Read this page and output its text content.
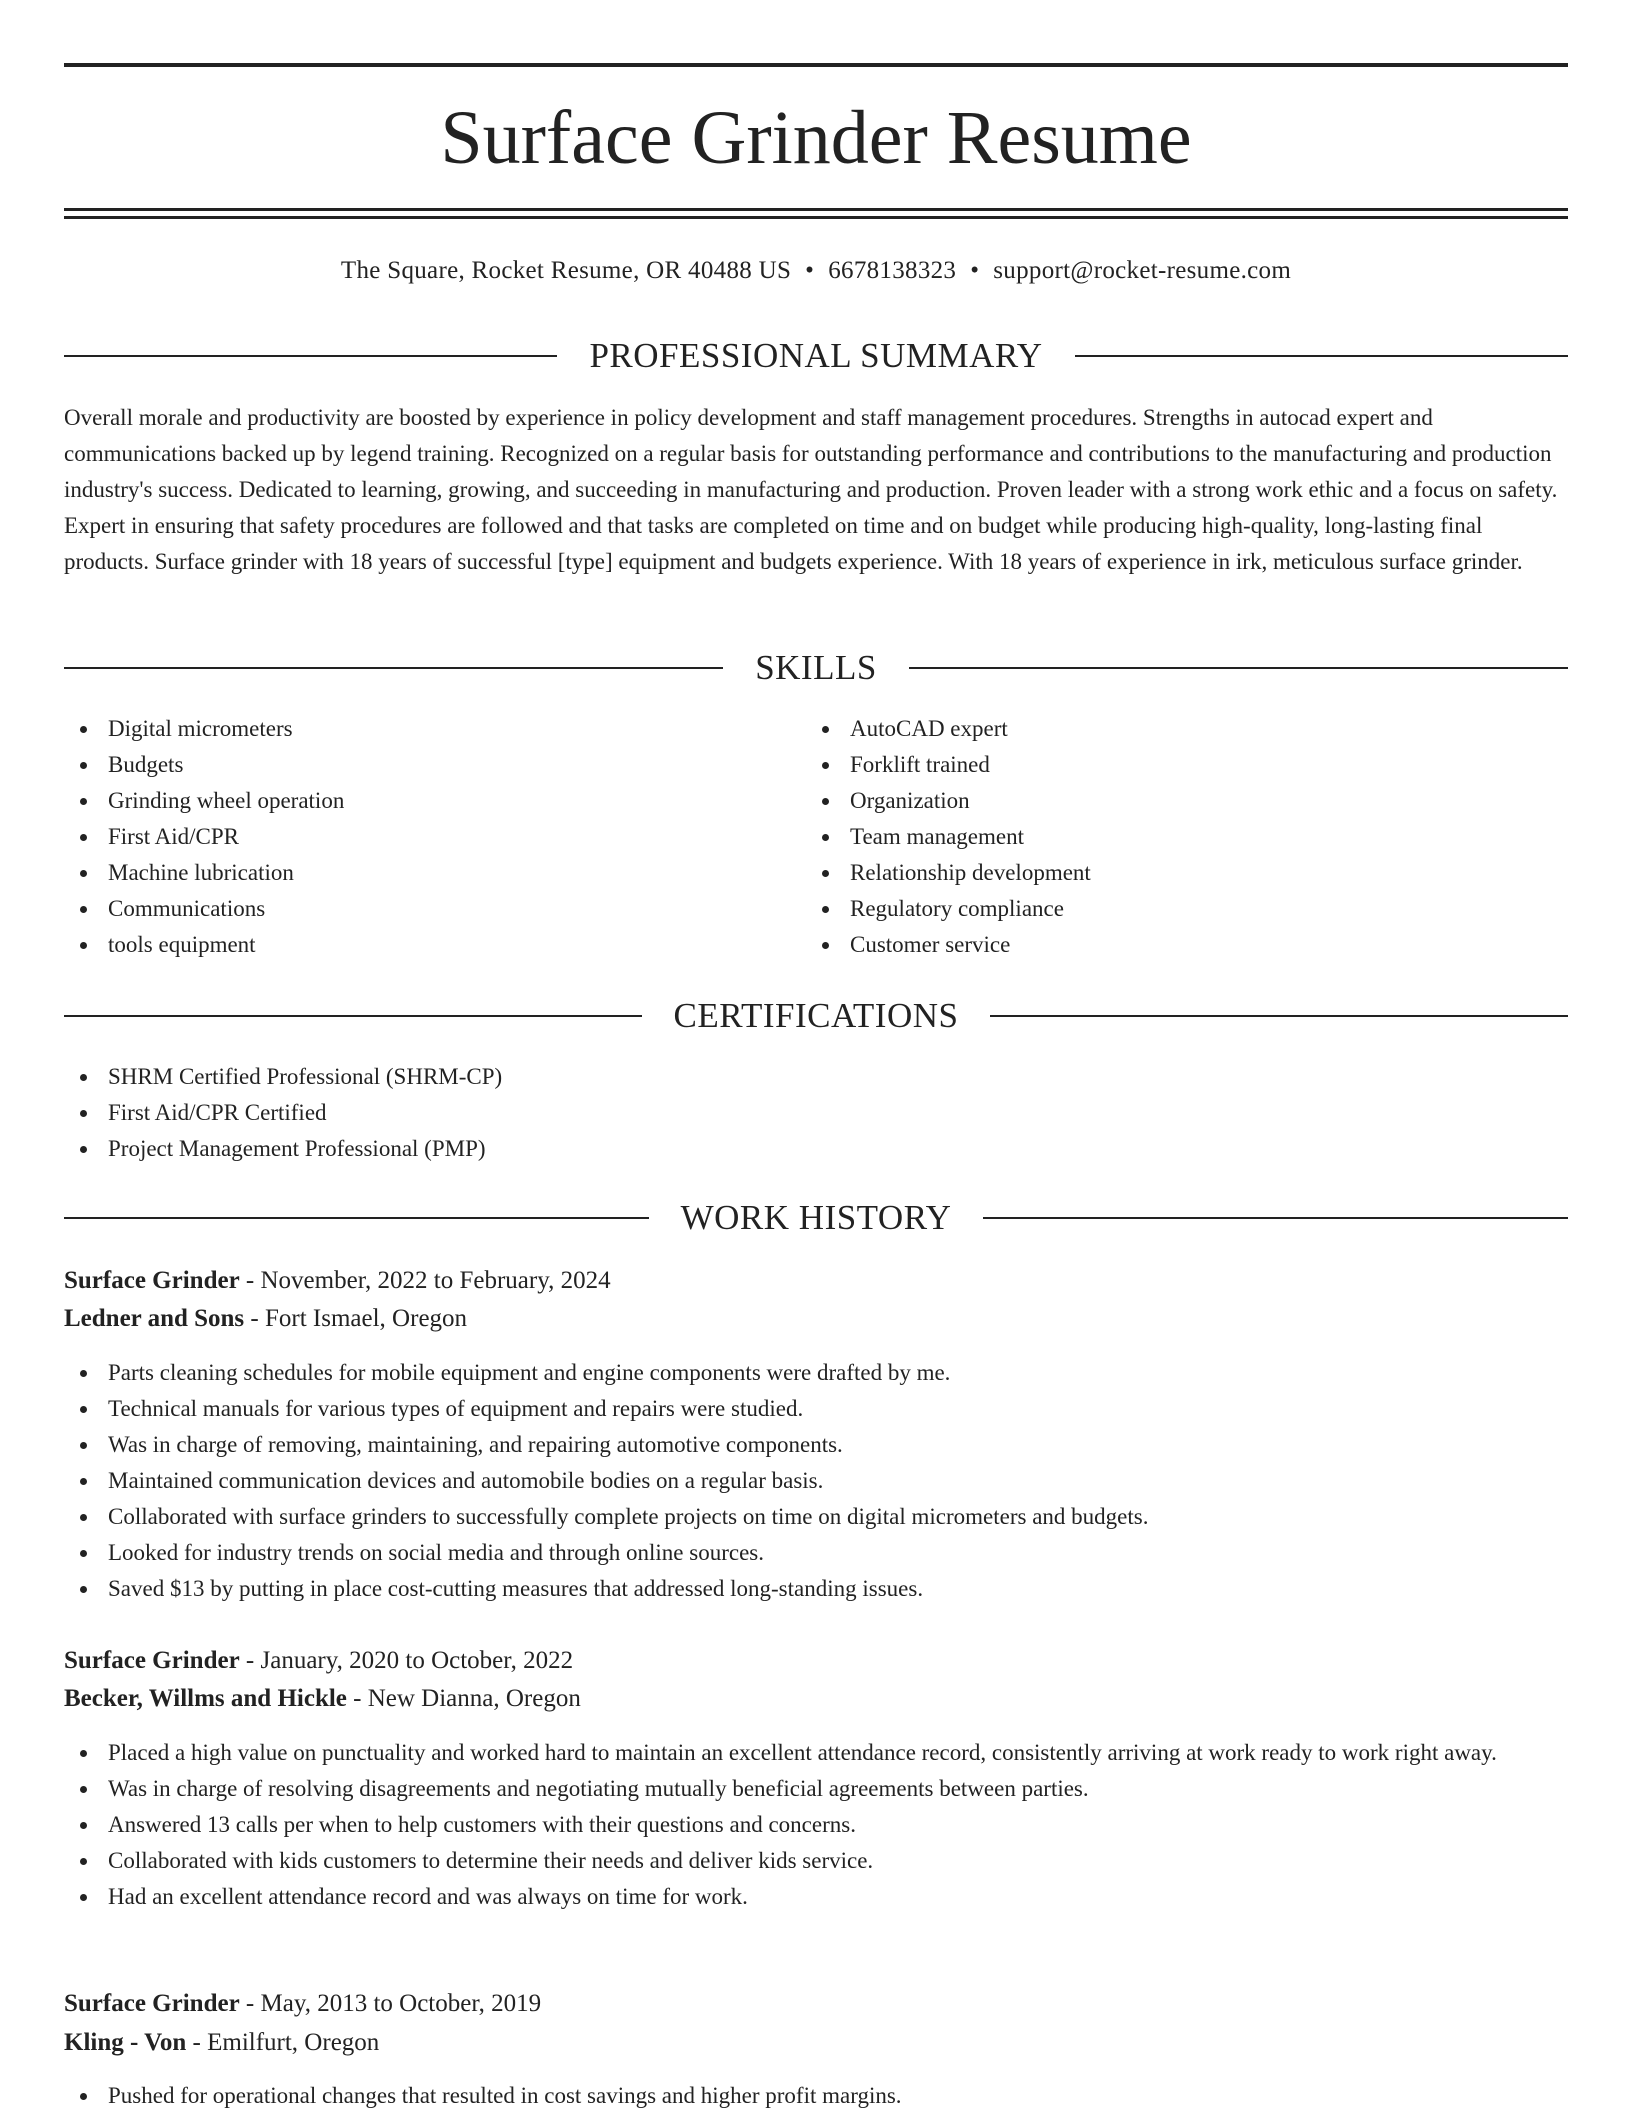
Surface Grinder Resume
The Square, Rocket Resume, OR 40488 US • 6678138323 • support@rocket-resume.com
PROFESSIONAL SUMMARY

Overall morale and productivity are boosted by experience in policy development and staff management procedures. Strengths in autocad expert and communications backed up by legend training. Recognized on a regular basis for outstanding performance and contributions to the manufacturing and production industry's success. Dedicated to learning, growing, and succeeding in manufacturing and production. Proven leader with a strong work ethic and a focus on safety. Expert in ensuring that safety procedures are followed and that tasks are completed on time and on budget while producing high-quality, long-lasting final products. Surface grinder with 18 years of successful [type] equipment and budgets experience. With 18 years of experience in irk, meticulous surface grinder.

SKILLS
Digital micrometers
Budgets
Grinding wheel operation
First Aid/CPR
Machine lubrication
Communications
tools equipment
AutoCAD expert
Forklift trained
Organization
Team management
Relationship development
Regulatory compliance
Customer service
CERTIFICATIONS
SHRM Certified Professional (SHRM-CP)
First Aid/CPR Certified
Project Management Professional (PMP)
WORK HISTORY
Surface Grinder - November, 2022 to February, 2024
Ledner and Sons - Fort Ismael, Oregon
Parts cleaning schedules for mobile equipment and engine components were drafted by me.
Technical manuals for various types of equipment and repairs were studied.
Was in charge of removing, maintaining, and repairing automotive components.
Maintained communication devices and automobile bodies on a regular basis.
Collaborated with surface grinders to successfully complete projects on time on digital micrometers and budgets.
Looked for industry trends on social media and through online sources.
Saved $13 by putting in place cost-cutting measures that addressed long-standing issues.
Surface Grinder - January, 2020 to October, 2022
Becker, Willms and Hickle - New Dianna, Oregon
Placed a high value on punctuality and worked hard to maintain an excellent attendance record, consistently arriving at work ready to work right away.
Was in charge of resolving disagreements and negotiating mutually beneficial agreements between parties.
Answered 13 calls per when to help customers with their questions and concerns.
Collaborated with kids customers to determine their needs and deliver kids service.
Had an excellent attendance record and was always on time for work.
Surface Grinder - May, 2013 to October, 2019
Kling - Von - Emilfurt, Oregon
Pushed for operational changes that resulted in cost savings and higher profit margins.
